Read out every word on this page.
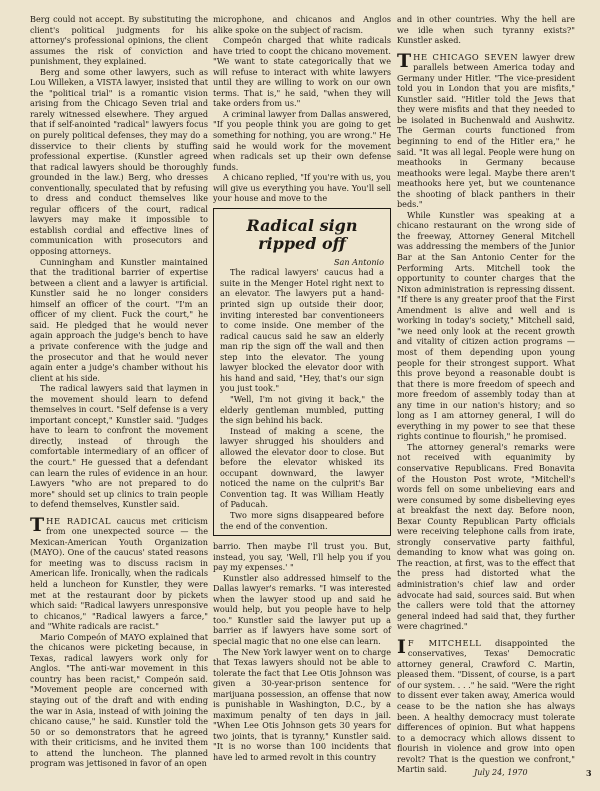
Berg could not accept. By substituting the client's political judgments for his attorney's professional opinions, the client assumes the risk of conviction and punishment, they explained.

Berg and some other lawyers, such as Lou Willeken, a VISTA lawyer, insisted that the "political trial" is a romantic vision arising from the Chicago Seven trial and rarely witnessed elsewhere. They argued that if self-anointed "radical" lawyers focus on purely political defenses, they may do a disservice to their clients by stuffing professional expertise. (Kunstler agreed that radical lawyers should be thoroughly grounded in the law.) Berg, who dresses conventionally, speculated that by refusing to dress and conduct themselves like regular officers of the court, radical lawyers may make it impossible to establish cordial and effective lines of communication with prosecutors and opposing attorneys.

Cunningham and Kunstler maintained that the traditional barrier of expertise between a client and a lawyer is artificial. Kunstler said he no longer considers himself an officer of the court. "I'm an officer of my client. Fuck the court," he said. He pledged that he would never again approach the judge's bench to have a private conference with the judge and the prosecutor and that he would never again enter a judge's chamber without his client at his side.

The radical lawyers said that laymen in the movement should learn to defend themselves in court. "Self defense is a very important concept," Kunstler said. "Judges have to learn to confront the movement directly, instead of through the comfortable intermediary of an officer of the court." He guessed that a defendant can learn the rules of evidence in an hour. Lawyers "who are not prepared to do more" should set up clinics to train people to defend themselves, Kunstler said.

THE RADICAL caucus met criticism from one unexpected source — the Mexican-American Youth Organization (MAYO). One of the caucus' stated reasons for meeting was to discuss racism in American life. Ironically, when the radicals held a luncheon for Kunstler, they were met at the restaurant door by pickets which said: "Radical lawyers unresponsive to chicanos," "Radical lawyers a farce," and "White radicals are racist."

Mario Compeón of MAYO explained that the chicanos were picketing because, in Texas, radical lawyers work only for Anglos. "The anti-war movement in this country has been racist," Compeón said. "Movement people are concerned with staying out of the draft and with ending the war in Asia, instead of with joining the chicano cause," he said. Kunstler told the 50 or so demonstrators that he agreed with their criticisms, and he invited them to attend the luncheon. The planned program was jettisoned in favor of an open

microphone, and chicanos and Anglos alike spoke on the subject of racism.

Compeón charged that white radicals have tried to coopt the chicano movement. "We want to state categorically that we will refuse to interact with white lawyers until they are willing to work on our own terms. That is," he said, "when they will take orders from us."

A criminal lawyer from Dallas answered, "If you people think you are going to get something for nothing, you are wrong." He said he would work for the movement when radicals set up their own defense funds.

A chicano replied, "If you're with us, you will give us everything you have. You'll sell your house and move to the

Radical sign ripped off

San Antonio

The radical lawyers' caucus had a suite in the Menger Hotel right next to an elevator. The lawyers put a hand-printed sign up outside their door, inviting interested bar conventioneers to come inside. One member of the radical caucus said he saw an elderly man rip the sign off the wall and then step into the elevator. The young lawyer blocked the elevator door with his hand and said, "Hey, that's our sign you just took."

"Well, I'm not giving it back," the elderly gentleman mumbled, putting the sign behind his back.

Instead of making a scene, the lawyer shrugged his shoulders and allowed the elevator door to close. But before the elevator whisked its occupant downward, the lawyer noticed the name on the culprit's Bar Convention tag. It was William Heatly of Paducah.

Two more signs disappeared before the end of the convention.

barrio. Then maybe I'll trust you. But, instead, you say, 'Well, I'll help you if you pay my expenses.' "

Kunstler also addressed himself to the Dallas lawyer's remarks. "I was interested when the lawyer stood up and said he would help, but you people have to help too." Kunstler said the lawyer put up a barrier as if lawyers have some sort of special magic that no one else can learn.

The New York lawyer went on to charge that Texas lawyers should not be able to tolerate the fact that Lee Otis Johnson was given a 30-year-prison sentence for marijuana possession, an offense that now is punishable in Washington, D.C., by a maximum penalty of ten days in jail. "When Lee Otis Johnson gets 30 years for two joints, that is tyranny," Kunstler said. "It is no worse than 100 incidents that have led to armed revolt in this country

and in other countries. Why the hell are we idle when such tyranny exists?" Kunstler asked.

THE CHICAGO SEVEN lawyer drew parallels between America today and Germany under Hitler. "The vice-president told you in London that you are misfits," Kunstler said. "Hitler told the Jews that they were misfits and that they needed to be isolated in Buchenwald and Aushwitz. The German courts functioned from beginning to end of the Hitler era," he said. "It was all legal. People were hung on meathooks in Germany because meathooks were legal. Maybe there aren't meathooks here yet, but we countenance the shooting of black panthers in their beds."

While Kunstler was speaking at a chicano restaurant on the wrong side of the freeway, Attorney General Mitchell was addressing the members of the Junior Bar at the San Antonio Center for the Performing Arts. Mitchell took the opportunity to counter charges that the Nixon administration is repressing dissent. "If there is any greater proof that the First Amendment is alive and well and is working in today's society," Mitchell said, "we need only look at the recent growth and vitality of citizen action programs — most of them depending upon young people for their strongest support. What this prove beyond a reasonable doubt is that there is more freedom of speech and more freedom of assembly today than at any time in our nation's history; and so long as I am attorney general, I will do everything in my power to see that these rights continue to flourish," he promised.

The attorney general's remarks were not received with equanimity by conservative Republicans. Fred Bonavita of the Houston Post wrote, "Mitchell's words fell on some unbelieving ears and were consumed by some disbelieving eyes at breakfast the next day. Before noon, Bexar County Republican Party officials were receiving telephone calls from irate, strongly conservative party faithful, demanding to know what was going on. The reaction, at first, was to the effect that the press had distorted what the administration's chief law and order advocate had said, sources said. But when the callers were told that the attorney general indeed had said that, they further were chagrined."

I F MITCHELL disappointed the conservatives, Texas' Democratic attorney general, Crawford C. Martin, pleased them. "Dissent, of course, is a part of our system. . . ." he said. "Were the right to dissent ever taken away, America would cease to be the nation she has always been. A healthy democracy must tolerate differences of opinion. But what happens to a democracy which allows dissent to flourish in violence and grow into open revolt? That is the question we confront," Martin said.	July 24, 1970	3
